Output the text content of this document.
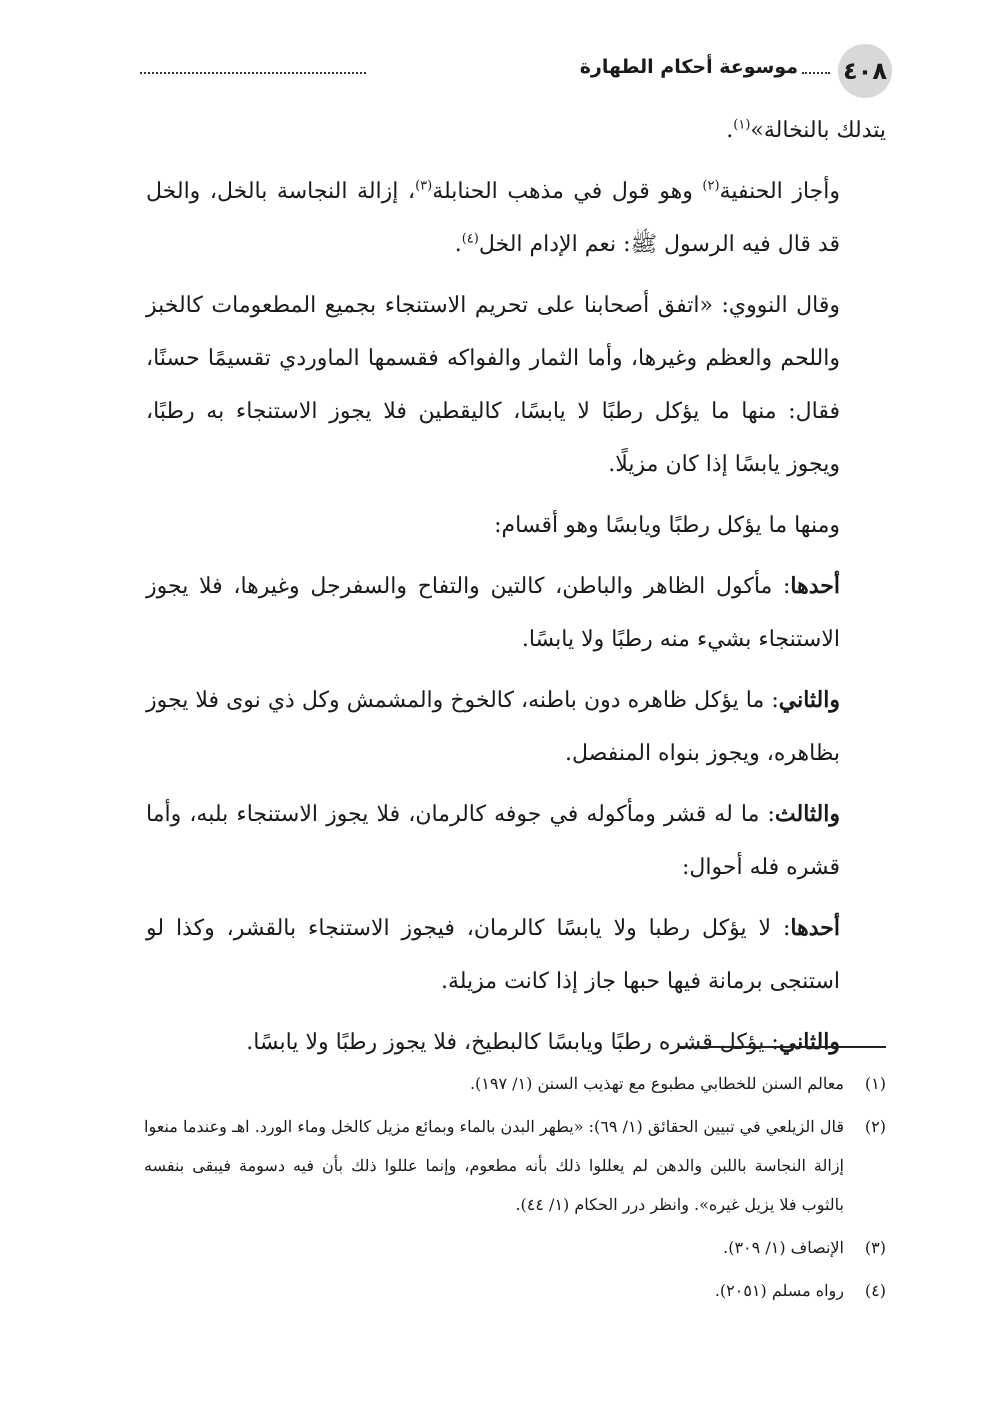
٤٠٨
موسوعة أحكام الطهارة

يتدلك بالنخالة»$^{(١)}$.

وأجاز الحنفية$^{(٢)}$ وهو قول في مذهب الحنابلة$^{(٣)}$، إزالة النجاسة بالخل، والخل قد قال فيه الرسول ﷺ: نعم الإدام الخل$^{(٤)}$.

وقال النووي: «اتفق أصحابنا على تحريم الاستنجاء بجميع المطعومات كالخبز واللحم والعظم وغيرها، وأما الثمار والفواكه فقسمها الماوردي تقسيمًا حسنًا، فقال: منها ما يؤكل رطبًا لا يابسًا، كاليقطين فلا يجوز الاستنجاء به رطبًا، ويجوز يابسًا إذا كان مزيلًا.

ومنها ما يؤكل رطبًا ويابسًا وهو أقسام:

أحدها: مأكول الظاهر والباطن، كالتين والتفاح والسفرجل وغيرها، فلا يجوز الاستنجاء بشيء منه رطبًا ولا يابسًا.

والثاني: ما يؤكل ظاهره دون باطنه، كالخوخ والمشمش وكل ذي نوى فلا يجوز بظاهره، ويجوز بنواه المنفصل.

والثالث: ما له قشر ومأكوله في جوفه كالرمان، فلا يجوز الاستنجاء بلبه، وأما قشره فله أحوال:

أحدها: لا يؤكل رطبا ولا يابسًا كالرمان، فيجوز الاستنجاء بالقشر، وكذا لو استنجى برمانة فيها حبها جاز إذا كانت مزيلة.

والثاني: يؤكل قشره رطبًا ويابسًا كالبطيخ، فلا يجوز رطبًا ولا يابسًا.

(١)
معالم السنن للخطابي مطبوع مع تهذيب السنن (١/ ١٩٧).
(٢)
قال الزيلعي في تبيين الحقائق (١/ ٦٩): «يطهر البدن بالماء وبمائع مزيل كالخل وماء الورد. اهـ وعندما منعوا إزالة النجاسة باللبن والدهن لم يعللوا ذلك بأنه مطعوم، وإنما عللوا ذلك بأن فيه دسومة فيبقى بنفسه بالثوب فلا يزيل غيره». وانظر درر الحكام (١/ ٤٤).
(٣)
الإنصاف (١/ ٣٠٩).
(٤)
رواه مسلم (٢٠٥١).
